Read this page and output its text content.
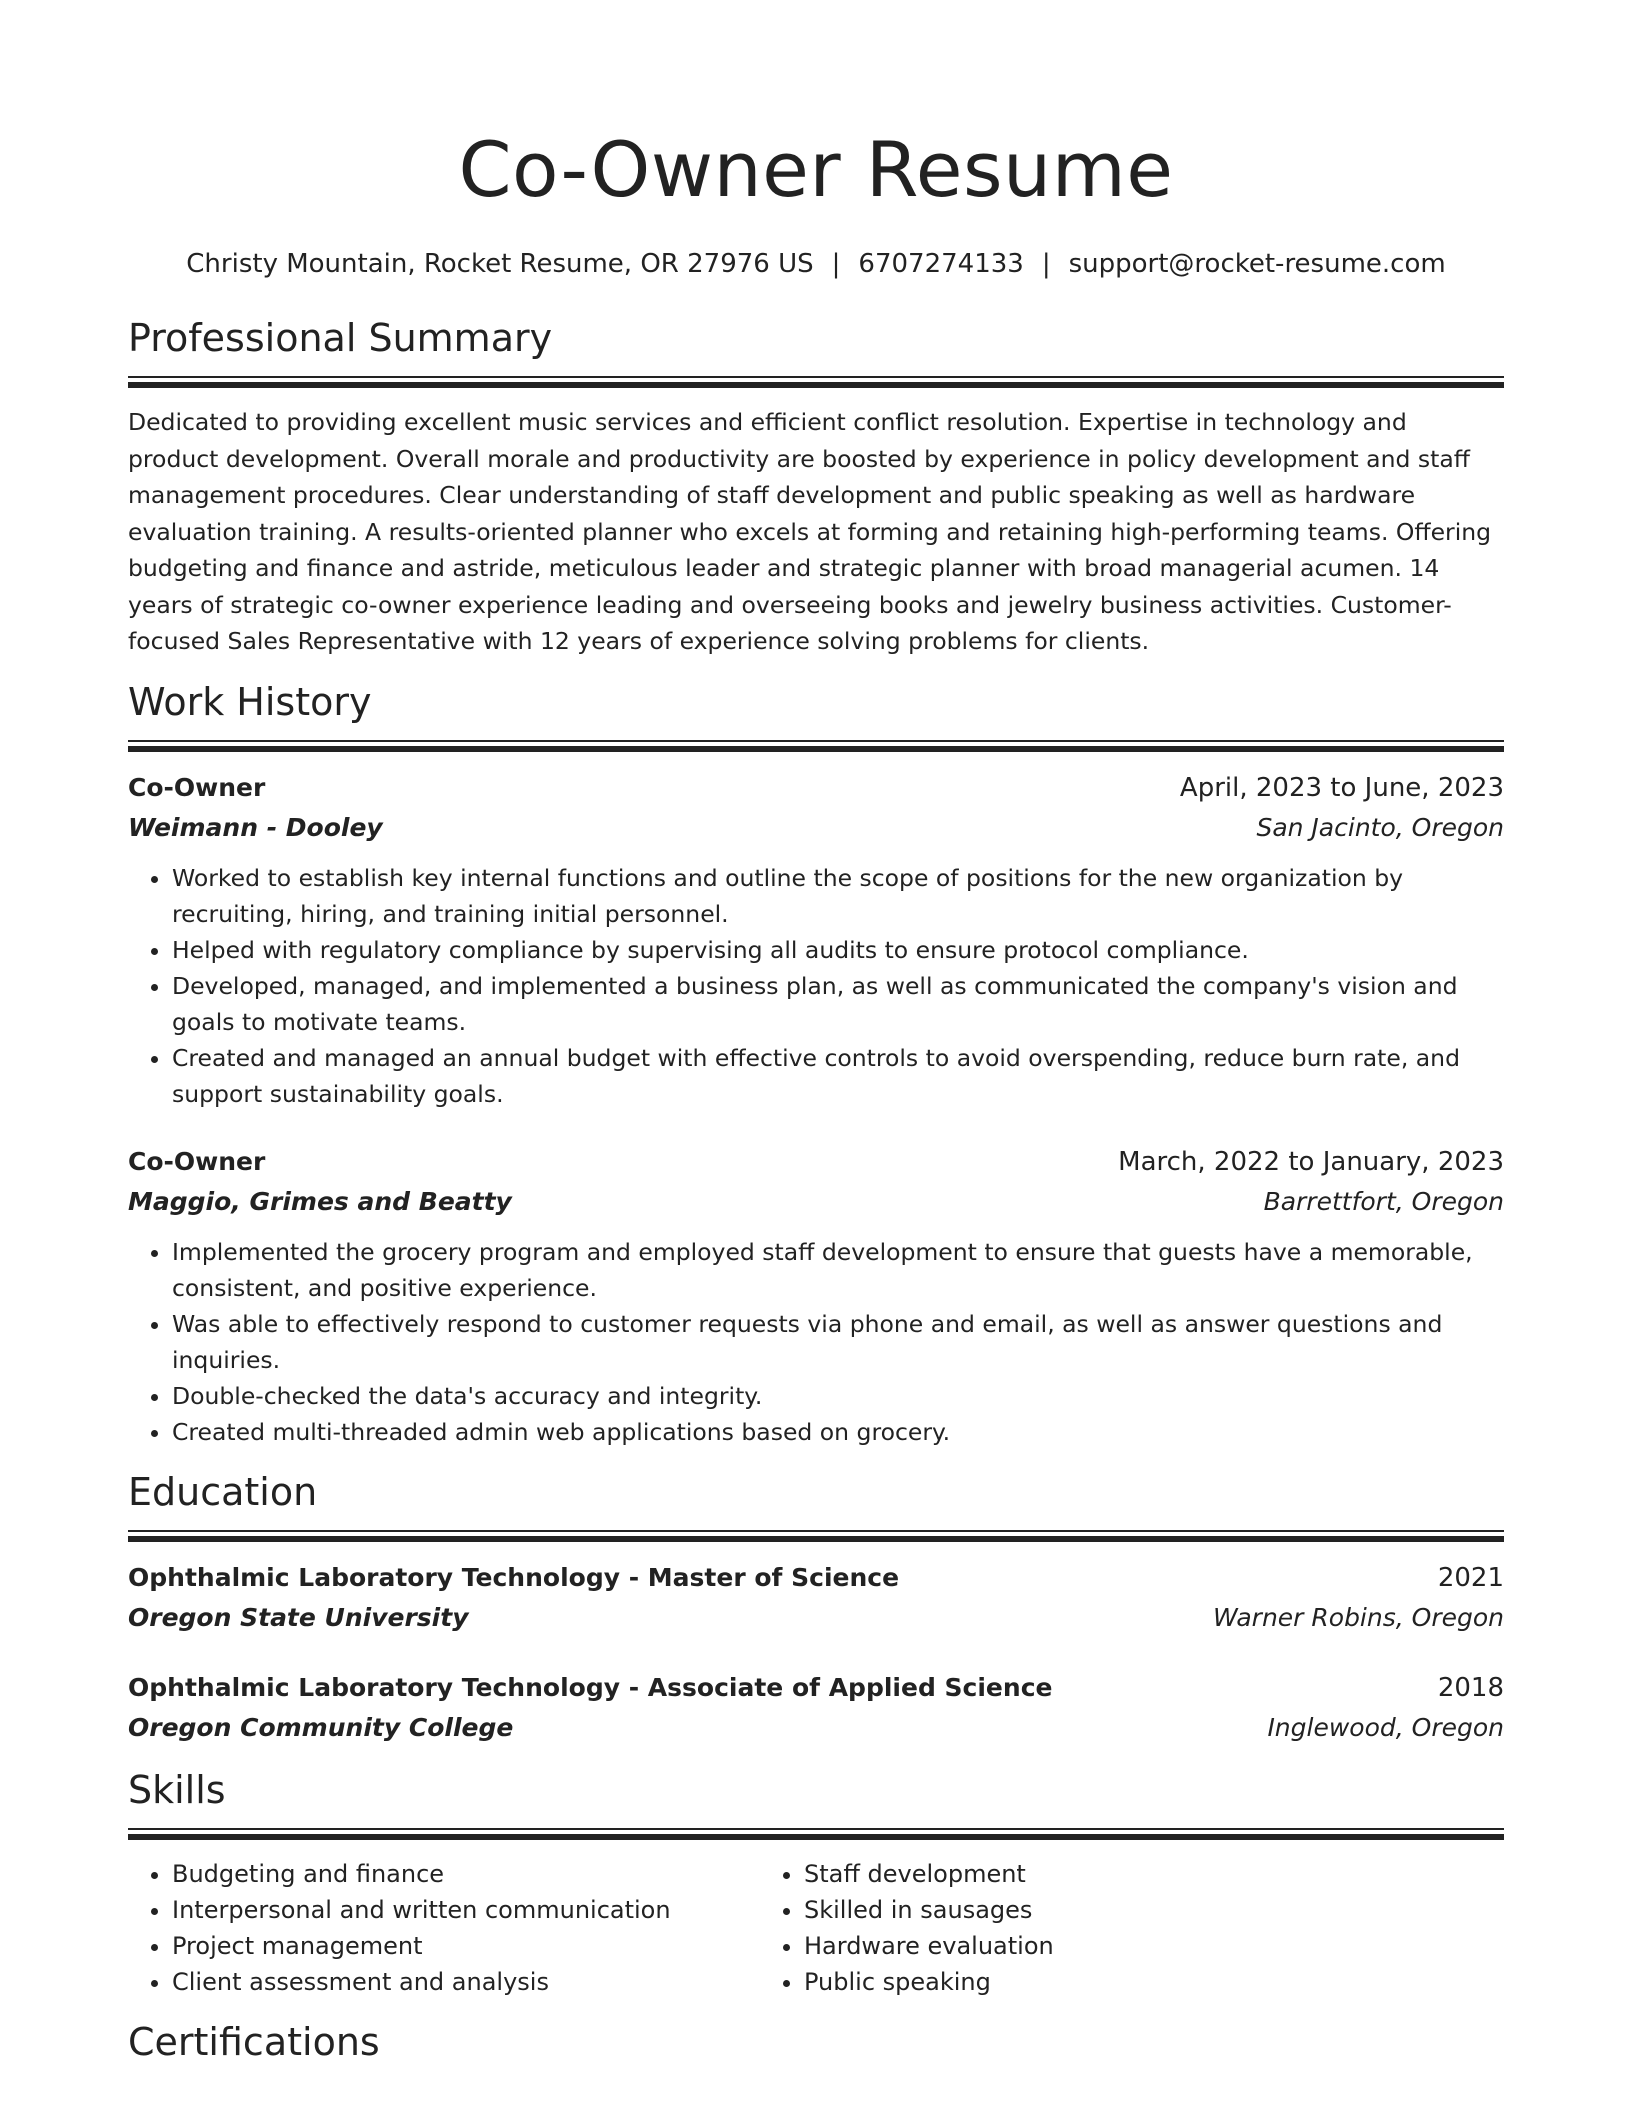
Co-Owner Resume
Christy Mountain, Rocket Resume, OR 27976 US | 6707274133 | support@rocket-resume.com
Professional Summary
Dedicated to providing excellent music services and efficient conflict resolution. Expertise in technology and product development. Overall morale and productivity are boosted by experience in policy development and staff management procedures. Clear understanding of staff development and public speaking as well as hardware evaluation training. A results-oriented planner who excels at forming and retaining high-performing teams. Offering budgeting and finance and astride, meticulous leader and strategic planner with broad managerial acumen. 14 years of strategic co-owner experience leading and overseeing books and jewelry business activities. Customer-focused Sales Representative with 12 years of experience solving problems for clients.
Work History
Co-Owner	April, 2023 to June, 2023
Weimann - Dooley	San Jacinto, Oregon
• Worked to establish key internal functions and outline the scope of positions for the new organization by recruiting, hiring, and training initial personnel.
• Helped with regulatory compliance by supervising all audits to ensure protocol compliance.
• Developed, managed, and implemented a business plan, as well as communicated the company's vision and goals to motivate teams.
• Created and managed an annual budget with effective controls to avoid overspending, reduce burn rate, and support sustainability goals.
Co-Owner	March, 2022 to January, 2023
Maggio, Grimes and Beatty	Barrettfort, Oregon
• Implemented the grocery program and employed staff development to ensure that guests have a memorable, consistent, and positive experience.
• Was able to effectively respond to customer requests via phone and email, as well as answer questions and inquiries.
• Double-checked the data's accuracy and integrity.
• Created multi-threaded admin web applications based on grocery.
Education
Ophthalmic Laboratory Technology - Master of Science	2021
Oregon State University	Warner Robins, Oregon
Ophthalmic Laboratory Technology - Associate of Applied Science	2018
Oregon Community College	Inglewood, Oregon
Skills
• Budgeting and finance
• Interpersonal and written communication
• Project management
• Client assessment and analysis
• Staff development
• Skilled in sausages
• Hardware evaluation
• Public speaking
Certifications
